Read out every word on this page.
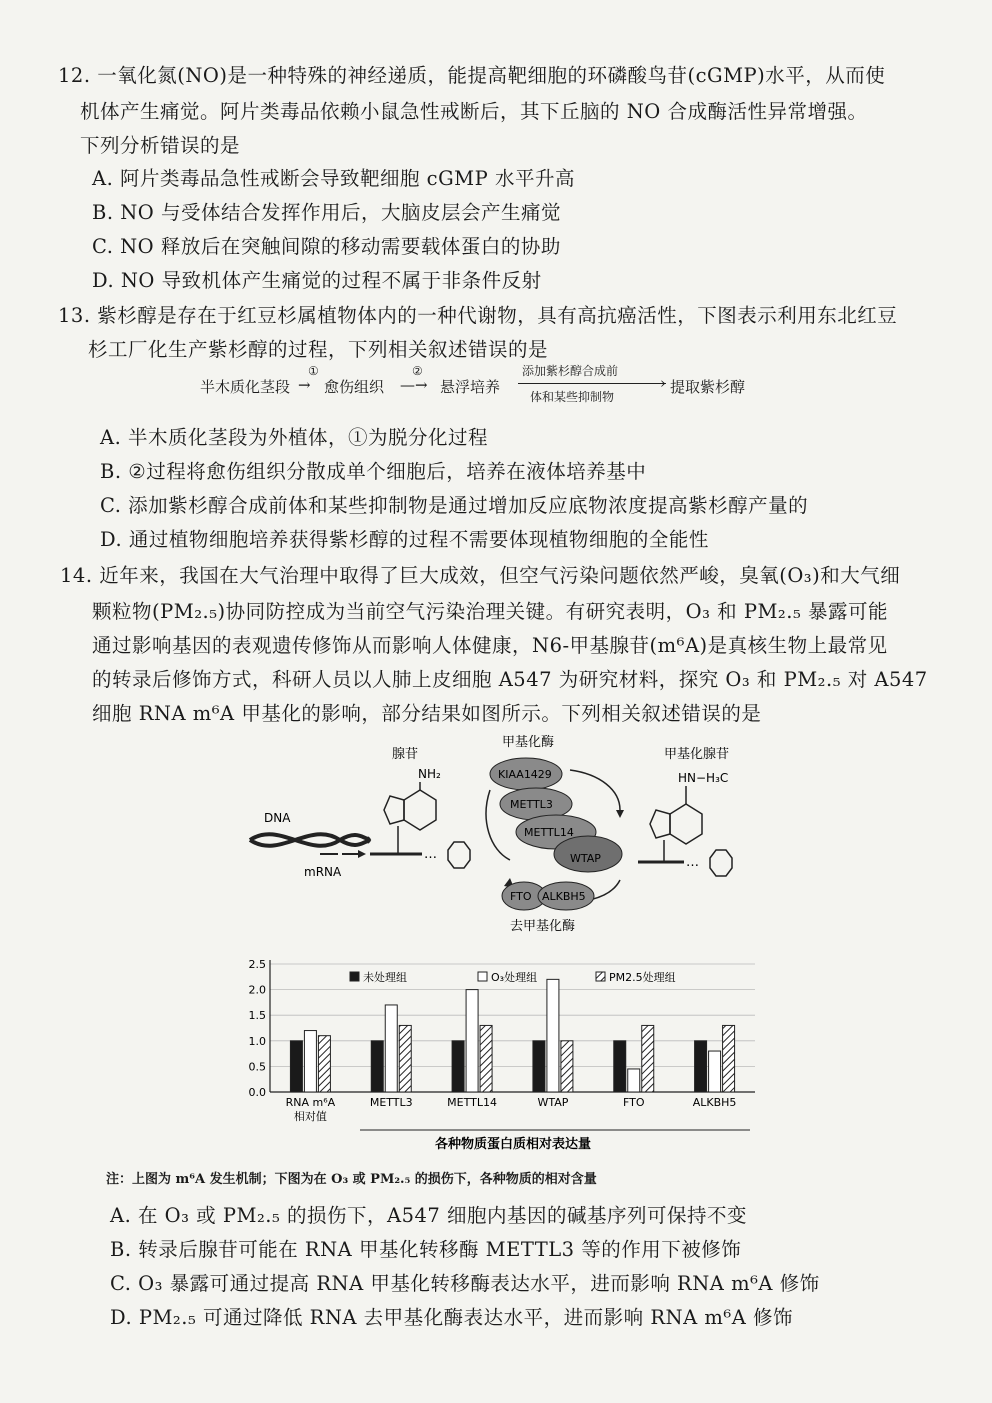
12. 一氧化氮(NO)是一种特殊的神经递质，能提高靶细胞的环磷酸鸟苷(cGMP)水平，从而使
机体产生痛觉。阿片类毒品依赖小鼠急性戒断后，其下丘脑的 NO 合成酶活性异常增强。
下列分析错误的是
A. 阿片类毒品急性戒断会导致靶细胞 cGMP 水平升高
B. NO 与受体结合发挥作用后，大脑皮层会产生痛觉
C. NO 释放后在突触间隙的移动需要载体蛋白的协助
D. NO 导致机体产生痛觉的过程不属于非条件反射
13. 紫杉醇是存在于红豆杉属植物体内的一种代谢物，具有高抗癌活性，下图表示利用东北红豆
杉工厂化生产紫杉醇的过程，下列相关叙述错误的是
半木质化茎段
①
→ 愈伤组织
②
—→ 悬浮培养
添加紫杉醇合成前
›
体和某些抑制物
提取紫杉醇
A. 半木质化茎段为外植体，①为脱分化过程
B. ②过程将愈伤组织分散成单个细胞后，培养在液体培养基中
C. 添加紫杉醇合成前体和某些抑制物是通过增加反应底物浓度提高紫杉醇产量的
D. 通过植物细胞培养获得紫杉醇的过程不需要体现植物细胞的全能性
14. 近年来，我国在大气治理中取得了巨大成效，但空气污染问题依然严峻，臭氧(O₃)和大气细
颗粒物(PM₂.₅)协同防控成为当前空气污染治理关键。有研究表明，O₃ 和 PM₂.₅ 暴露可能
通过影响基因的表观遗传修饰从而影响人体健康，N6-甲基腺苷(m⁶A)是真核生物上最常见
的转录后修饰方式，科研人员以人肺上皮细胞 A547 为研究材料，探究 O₃ 和 PM₂.₅ 对 A547
细胞 RNA m⁶A 甲基化的影响，部分结果如图所示。下列相关叙述错误的是
DNA
mRNA
腺苷
NH₂
…
甲基化酶
KIAA1429
METTL3
METTL14
WTAP
FTO ALKBH5
去甲基化酶
甲基化腺苷
HN−H₃C
…
0.0
0.5
1.0
1.5
2.0
2.5
RNA m⁶A	METTL3	METTL14	WTAP	FTO	ALKBH5
相对值
未处理组	O₃处理组	PM2.5处理组
各种物质蛋白质相对表达量
注：上图为 m⁶A 发生机制；下图为在 O₃ 或 PM₂.₅ 的损伤下，各种物质的相对含量
A. 在 O₃ 或 PM₂.₅ 的损伤下，A547 细胞内基因的碱基序列可保持不变
B. 转录后腺苷可能在 RNA 甲基化转移酶 METTL3 等的作用下被修饰
C. O₃ 暴露可通过提高 RNA 甲基化转移酶表达水平，进而影响 RNA m⁶A 修饰
D. PM₂.₅ 可通过降低 RNA 去甲基化酶表达水平，进而影响 RNA m⁶A 修饰
